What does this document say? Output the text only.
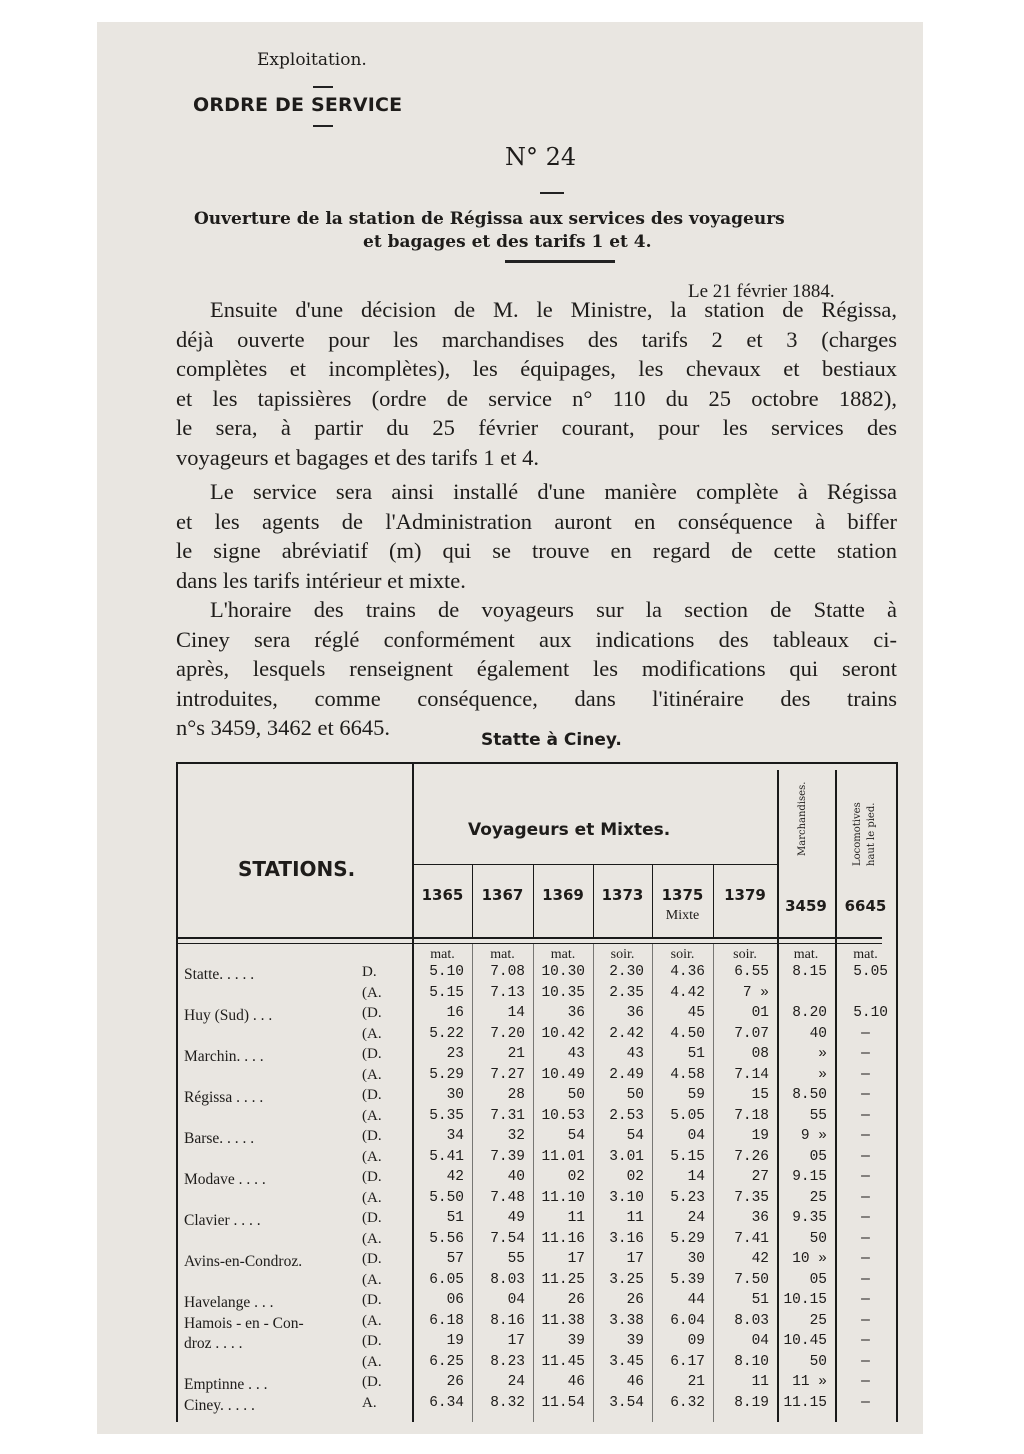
Exploitation.
ORDRE DE SERVICE
N° 24
Ouverture de la station de Régissa aux services des voyageurs
et bagages et des tarifs 1 et 4.
Le 21 février 1884.
Ensuite d'une décision de M. le Ministre, la station de Régissa,
déjà ouverte pour les marchandises des tarifs 2 et 3 (charges
complètes et incomplètes), les équipages, les chevaux et bestiaux
et les tapissières (ordre de service n° 110 du 25 octobre 1882),
le sera, à partir du 25 février courant, pour les services des
voyageurs et bagages et des tarifs 1 et 4.
Le service sera ainsi installé d'une manière complète à Régissa
et les agents de l'Administration auront en conséquence à biffer
le signe abréviatif (m) qui se trouve en regard de cette station
dans les tarifs intérieur et mixte.
L'horaire des trains de voyageurs sur la section de Statte à
Ciney sera réglé conformément aux indications des tableaux ci-
après, lesquels renseignent également les modifications qui seront
introduites, comme conséquence, dans l'itinéraire des trains
n°s 3459, 3462 et 6645.	Statte à Ciney.
STATIONS.
Voyageurs et Mixtes.	Marchandises.	Locomotives haut le pied.
1365	1367	1369	1373	1375	1379
3459	6645
Mixte
mat.	mat.	mat.	soir.	soir.	soir.	mat.	mat.
Statte. . . . .	D.	5.10	7.08	10.30	2.30	4.36	6.55	8.15	5.05
(A.	5.15	7.13	10.35	2.35	4.42	7 »
Huy (Sud) . . .	(D.	16	14	36	36	45	01	8.20	5.10
(A.	5.22	7.20	10.42	2.42	4.50	7.07	40	—
Marchin. . . .	(D.	23	21	43	43	51	08	»	—
(A.	5.29	7.27	10.49	2.49	4.58	7.14	»	—
Régissa . . . .	(D.	30	28	50	50	59	15	8.50	—
(A.	5.35	7.31	10.53	2.53	5.05	7.18	55	—
Barse. . . . .	(D.	34	32	54	54	04	19	9 »	—
(A.	5.41	7.39	11.01	3.01	5.15	7.26	05	—
Modave . . . .	(D.	42	40	02	02	14	27	9.15	—
(A.	5.50	7.48	11.10	3.10	5.23	7.35	25	—
Clavier . . . .	(D.	51	49	11	11	24	36	9.35	—
(A.	5.56	7.54	11.16	3.16	5.29	7.41	50	—
Avins-en-Condroz.	(D.	57	55	17	17	30	42	10 »	—
(A.	6.05	8.03	11.25	3.25	5.39	7.50	05	—
Havelange . . .	(D.	06	04	26	26	44	51 10.15	—
Hamois - en - Con-	(A.	6.18	8.16	11.38	3.38	6.04	8.03	25	—
droz . . . .	(D.	19	17	39	39	09	04 10.45	—
(A.	6.25	8.23	11.45	3.45	6.17	8.10	50	—
Emptinne . . .	(D.	26	24	46	46	21	11	11 »	—
Ciney. . . . .	A.	6.34	8.32	11.54	3.54	6.32	8.19 11.15	—
